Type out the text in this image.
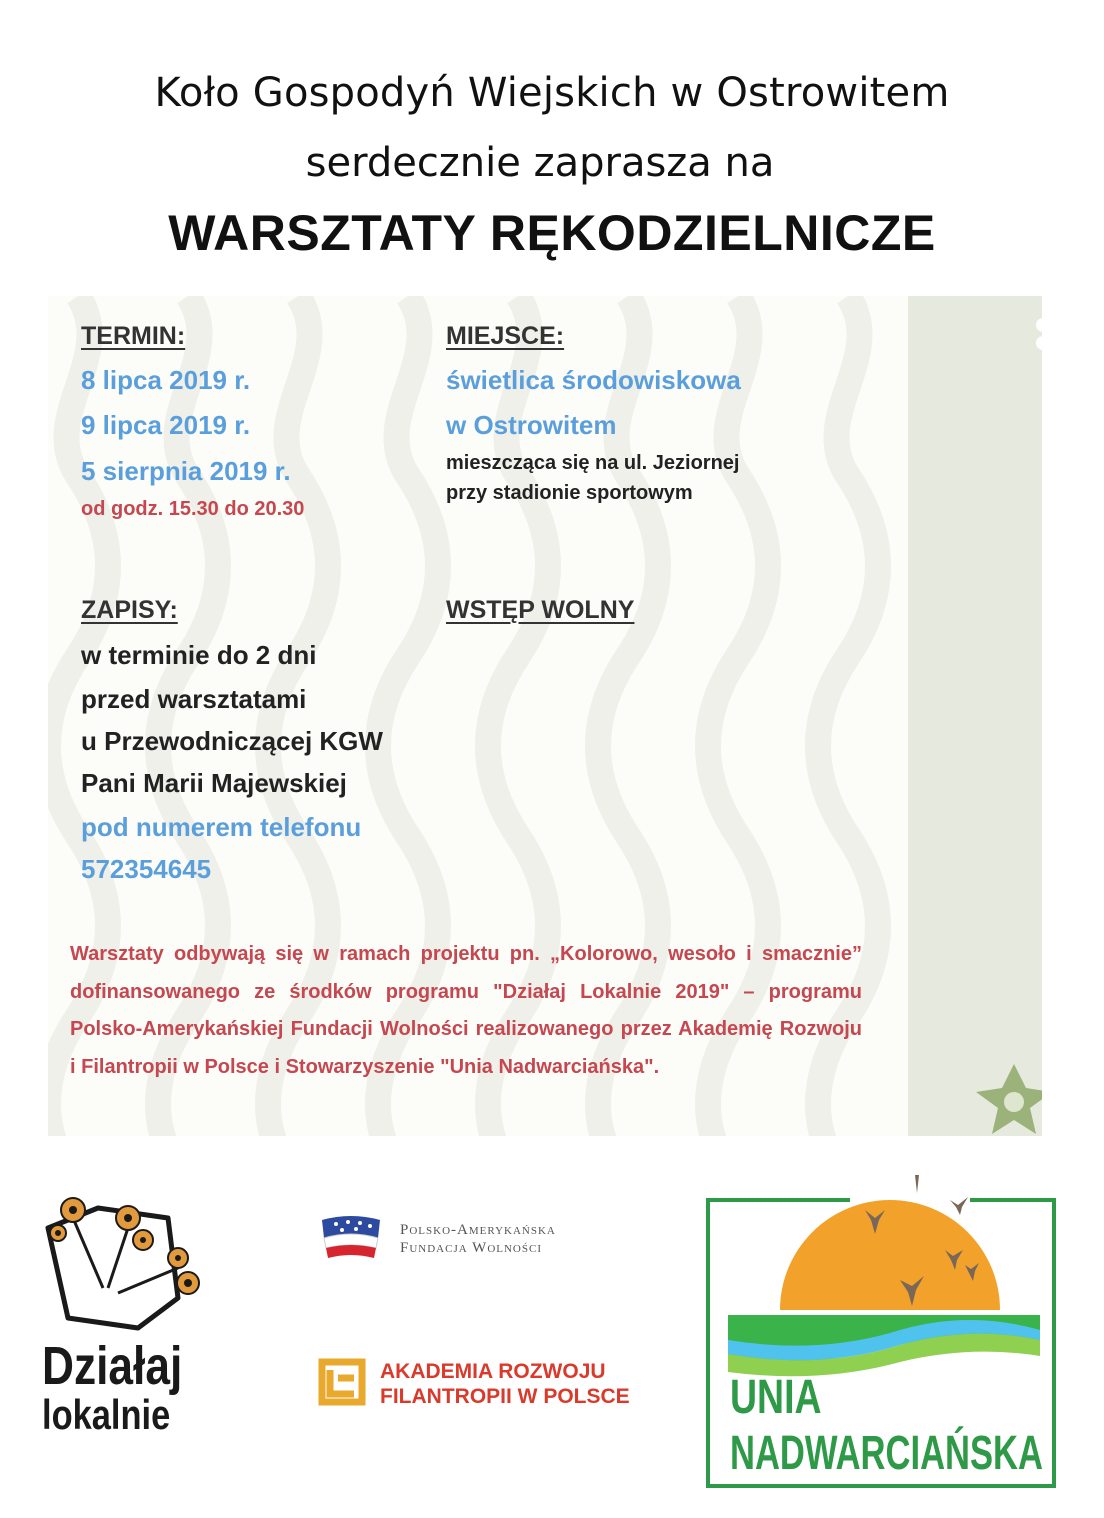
Koło Gospodyń Wiejskich w Ostrowitem
serdecznie zaprasza na
WARSZTATY RĘKODZIELNICZE
TERMIN:
8 lipca 2019 r.
9 lipca 2019 r.
5 sierpnia 2019 r.
od godz. 15.30 do 20.30
MIEJSCE:
świetlica środowiskowa
w Ostrowitem
mieszcząca się na ul. Jeziornej
przy stadionie sportowym
ZAPISY:
w terminie do 2 dni
przed warsztatami
u Przewodniczącej KGW
Pani Marii Majewskiej
pod numerem telefonu
572354645
WSTĘP WOLNY
Warsztaty odbywają się w ramach projektu pn. „Kolorowo, wesoło i smacznie” dofinansowanego ze środków programu "Działaj Lokalnie 2019" – programu Polsko-Amerykańskiej Fundacji Wolności realizowanego przez Akademię Rozwoju i Filantropii w Polsce i Stowarzyszenie "Unia Nadwarciańska".
Działaj
lokalnie
Polsko-Amerykańska
Fundacja Wolności
AKADEMIA ROZWOJU
FILANTROPII W POLSCE UNIA
NADWARCIAŃSKA
